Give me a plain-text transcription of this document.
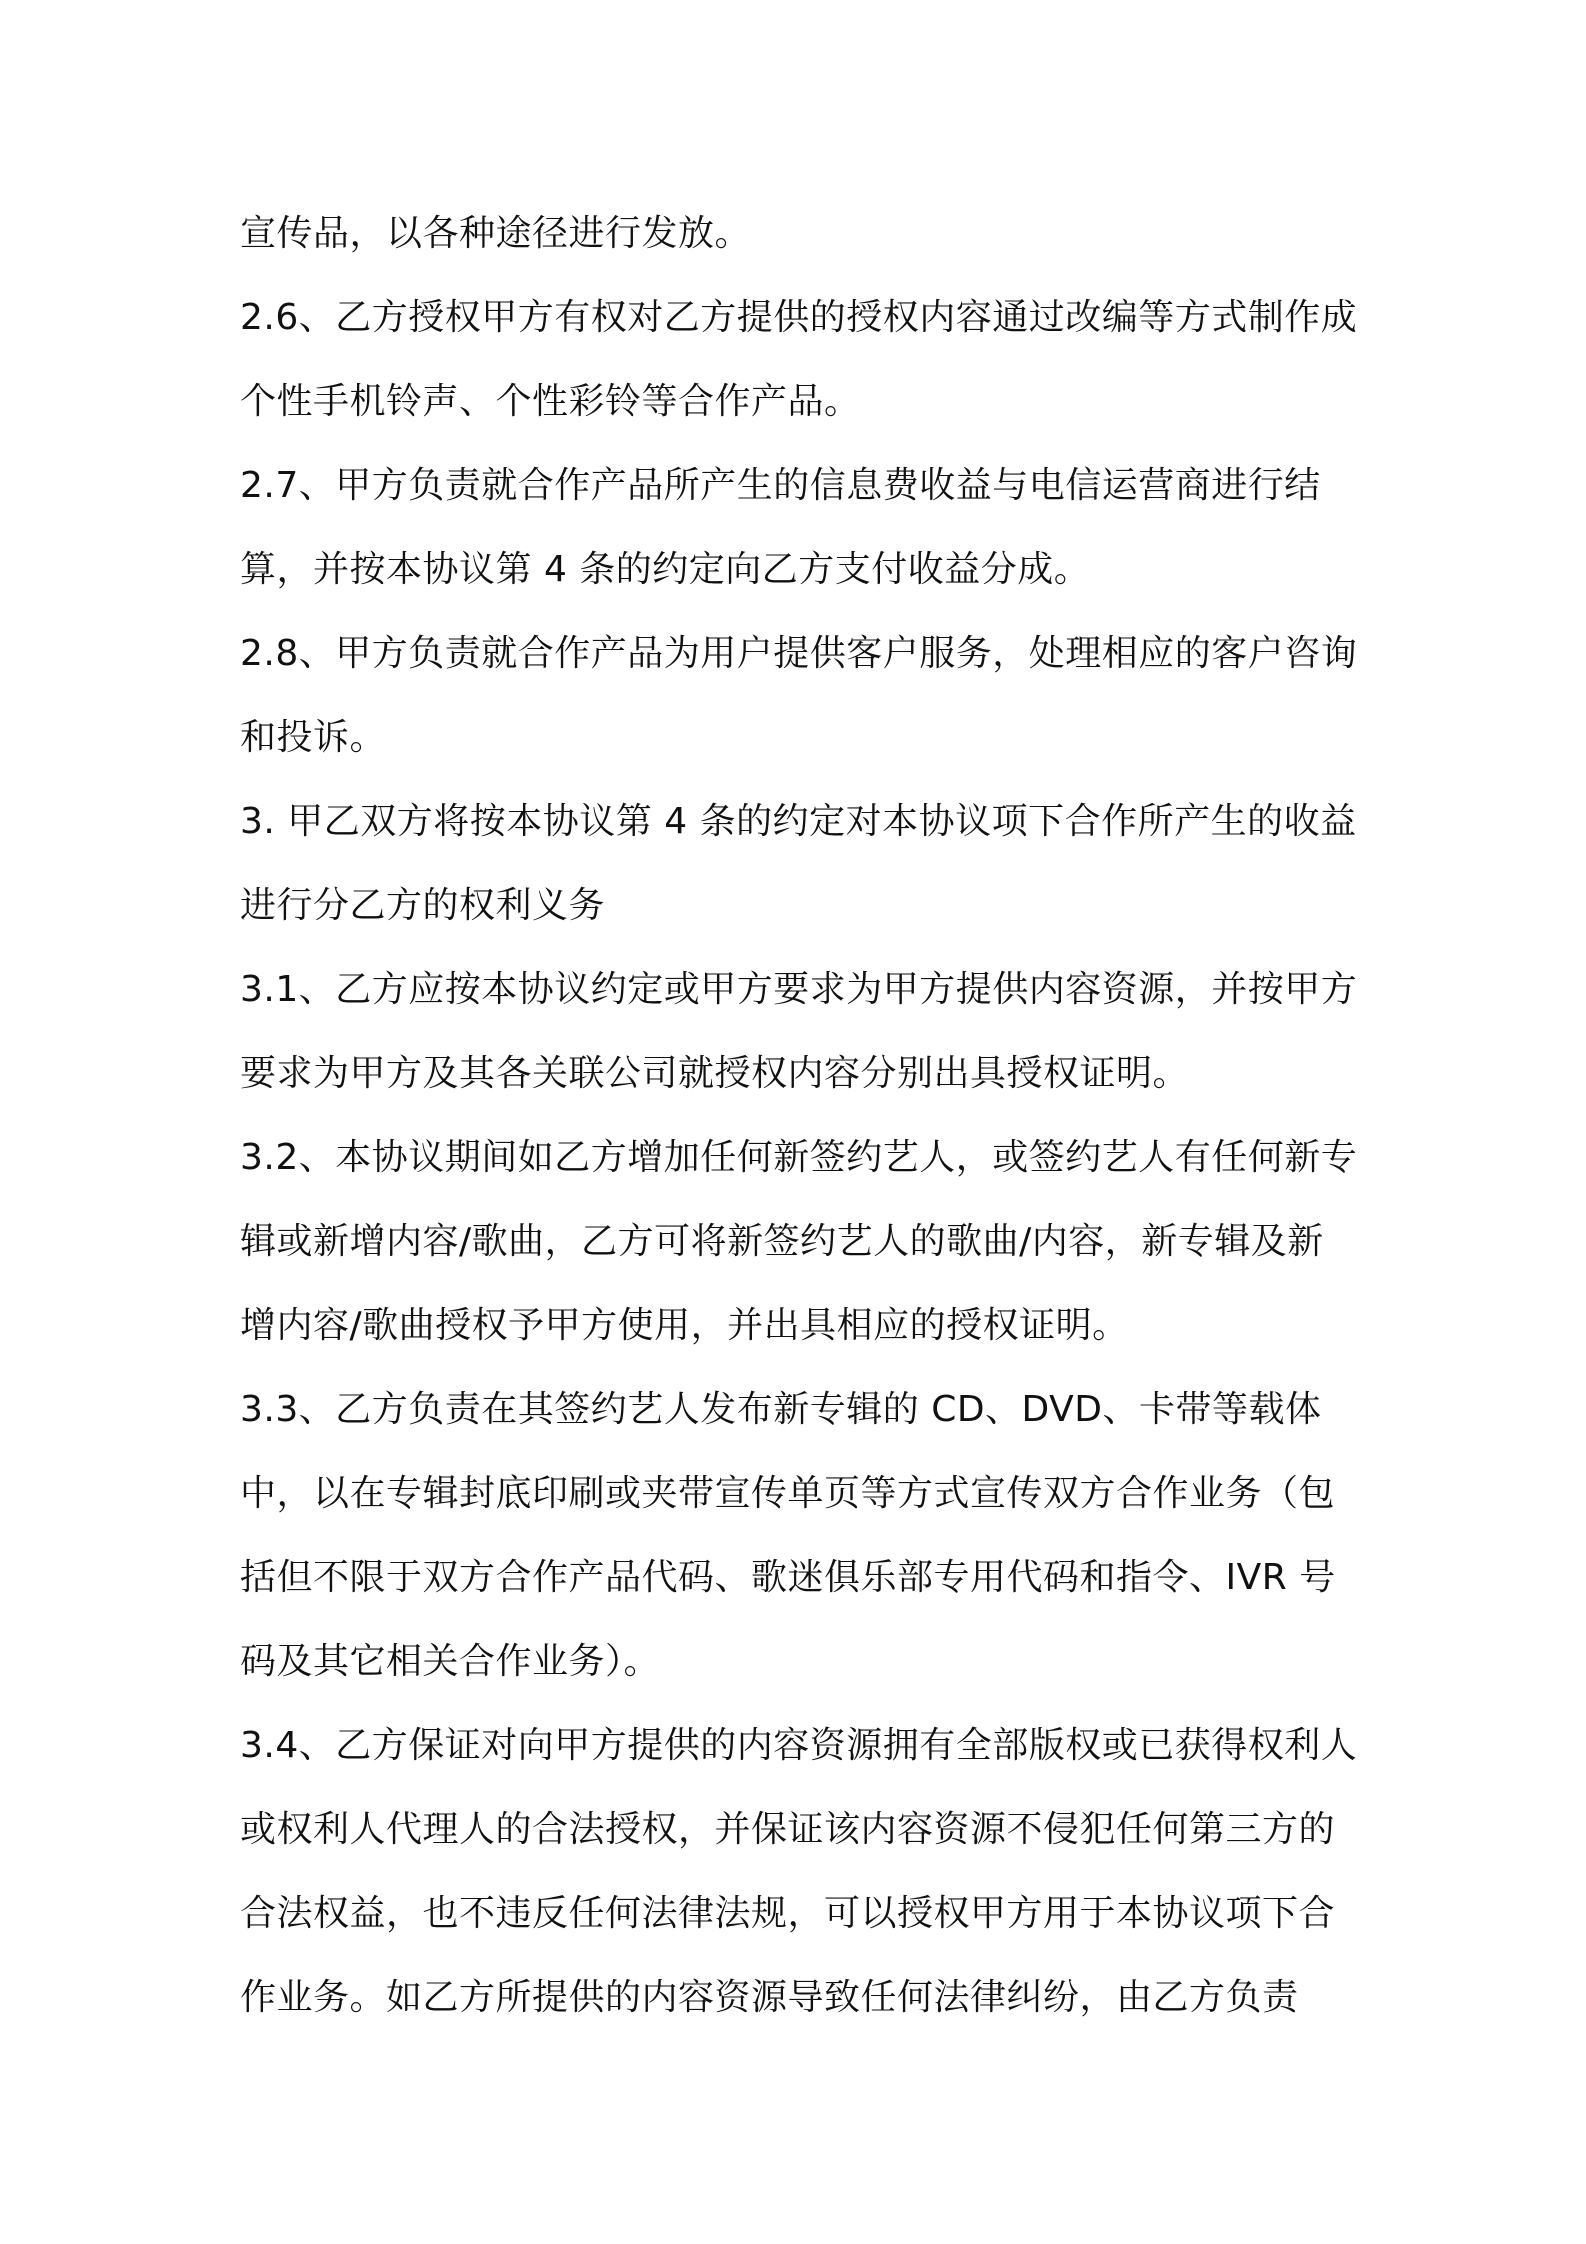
宣传品，以各种途径进行发放。

2.6、乙方授权甲方有权对乙方提供的授权内容通过改编等方式制作成个性手机铃声、个性彩铃等合作产品。

2.7、甲方负责就合作产品所产生的信息费收益与电信运营商进行结算，并按本协议第 4 条的约定向乙方支付收益分成。

2.8、甲方负责就合作产品为用户提供客户服务，处理相应的客户咨询和投诉。

3. 甲乙双方将按本协议第 4 条的约定对本协议项下合作所产生的收益进行分乙方的权利义务

3.1、乙方应按本协议约定或甲方要求为甲方提供内容资源，并按甲方要求为甲方及其各关联公司就授权内容分别出具授权证明。

3.2、本协议期间如乙方增加任何新签约艺人，或签约艺人有任何新专辑或新增内容/歌曲，乙方可将新签约艺人的歌曲/内容，新专辑及新增内容/歌曲授权予甲方使用，并出具相应的授权证明。

3.3、乙方负责在其签约艺人发布新专辑的 CD、DVD、卡带等载体中，以在专辑封底印刷或夹带宣传单页等方式宣传双方合作业务（包括但不限于双方合作产品代码、歌迷俱乐部专用代码和指令、IVR 号码及其它相关合作业务）。

3.4、乙方保证对向甲方提供的内容资源拥有全部版权或已获得权利人或权利人代理人的合法授权，并保证该内容资源不侵犯任何第三方的合法权益，也不违反任何法律法规，可以授权甲方用于本协议项下合作业务。如乙方所提供的内容资源导致任何法律纠纷，由乙方负责
